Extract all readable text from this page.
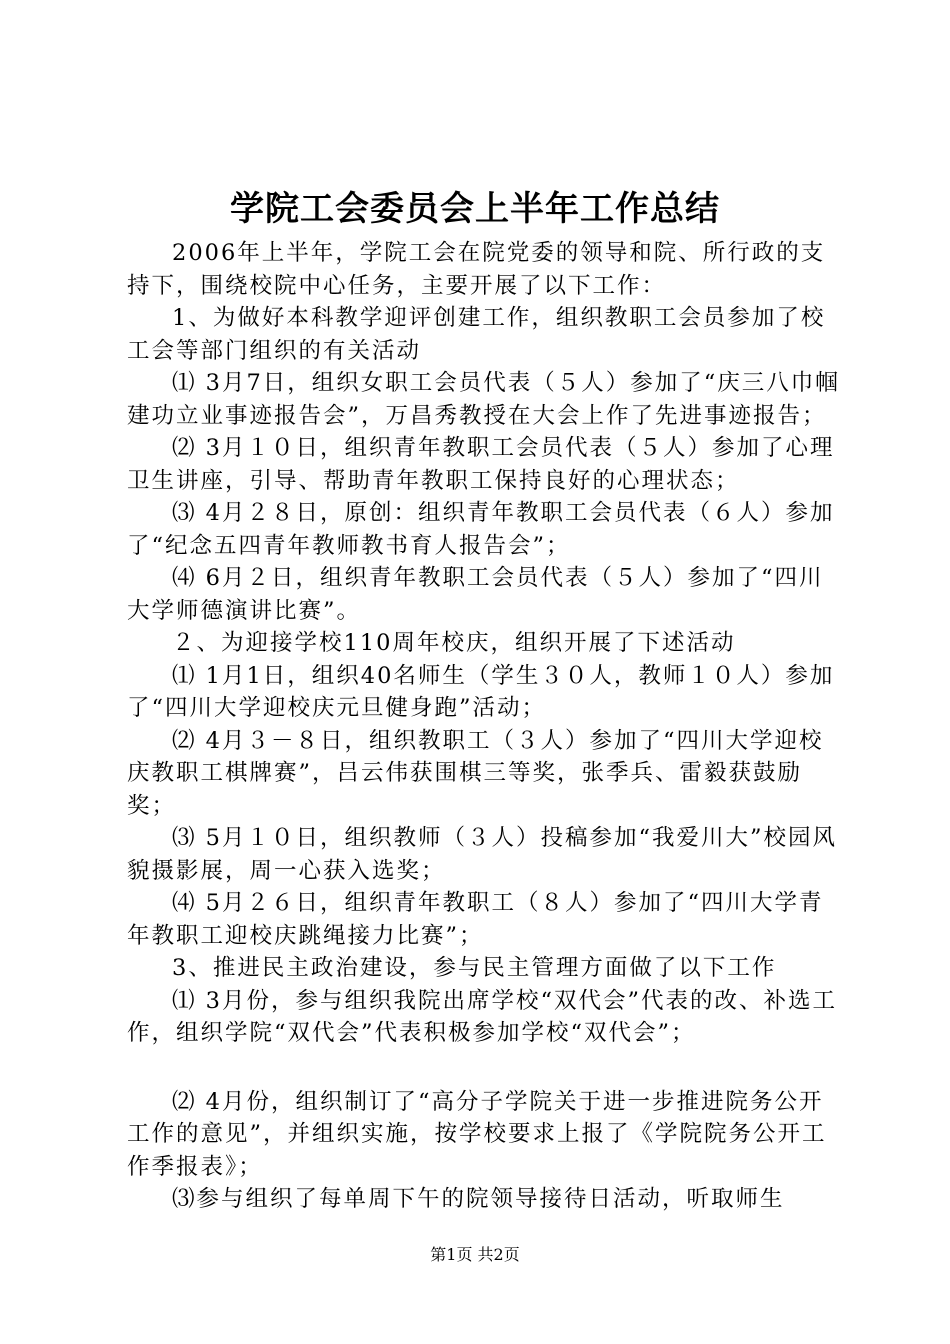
学院工会委员会上半年工作总结

2006年上半年，学院工会在院党委的领导和院、所行政的支持下，围绕校院中心任务，主要开展了以下工作：

1、为做好本科教学迎评创建工作，组织教职工会员参加了校工会等部门组织的有关活动

⑴ 3月7日，组织女职工会员代表（５人）参加了“庆三八巾帼建功立业事迹报告会”，万昌秀教授在大会上作了先进事迹报告；

⑵ 3月１０日，组织青年教职工会员代表（５人）参加了心理卫生讲座，引导、帮助青年教职工保持良好的心理状态；

⑶ 4月２８日，原创：组织青年教职工会员代表（６人）参加了“纪念五四青年教师教书育人报告会”；

⑷ 6月２日，组织青年教职工会员代表（５人）参加了“四川大学师德演讲比赛”。

２、为迎接学校110周年校庆，组织开展了下述活动

⑴ 1月1日，组织40名师生（学生３０人，教师１０人）参加了“四川大学迎校庆元旦健身跑”活动；

⑵ 4月３－８日，组织教职工（３人）参加了“四川大学迎校庆教职工棋牌赛”，吕云伟获围棋三等奖，张季兵、雷毅获鼓励奖；

⑶ 5月１０日，组织教师（３人）投稿参加“我爱川大”校园风貌摄影展，周一心获入选奖；

⑷ 5月２６日，组织青年教职工（８人）参加了“四川大学青年教职工迎校庆跳绳接力比赛”；

3、推进民主政治建设，参与民主管理方面做了以下工作

⑴ 3月份，参与组织我院出席学校“双代会”代表的改、补选工作，组织学院“双代会”代表积极参加学校“双代会”；

⑵ 4月份，组织制订了“高分子学院关于进一步推进院务公开工作的意见”，并组织实施，按学校要求上报了《学院院务公开工作季报表》；

⑶参与组织了每单周下午的院领导接待日活动，听取师生

第1页 共2页
